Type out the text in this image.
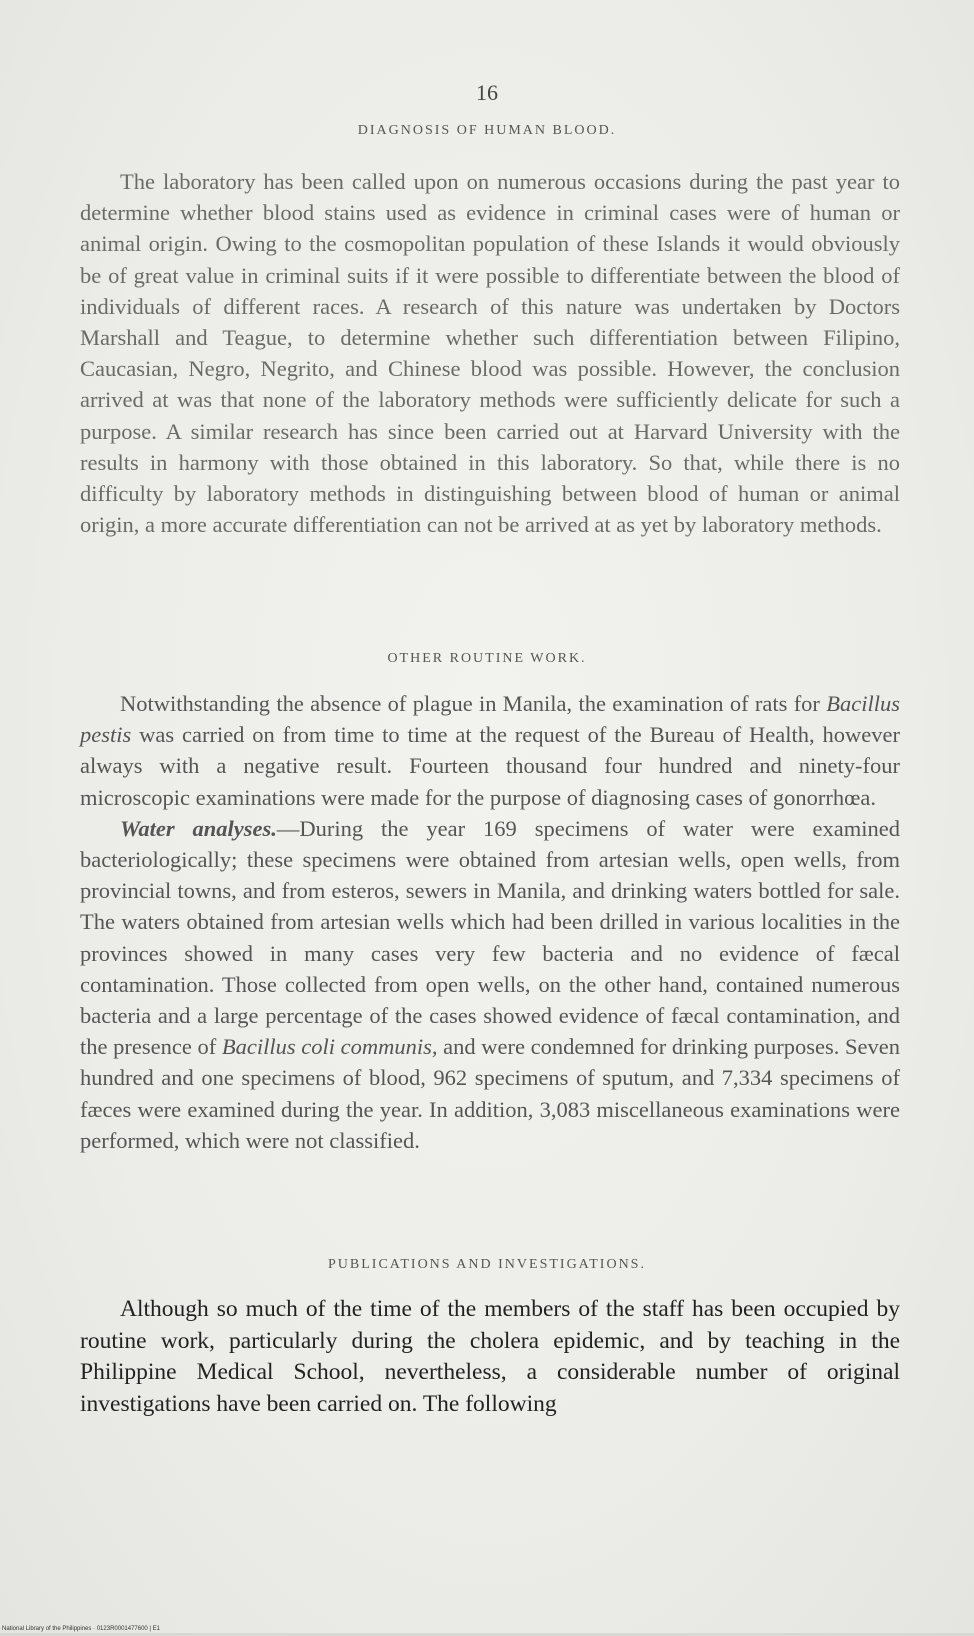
16
DIAGNOSIS OF HUMAN BLOOD.

The laboratory has been called upon on numerous occasions during the past year to determine whether blood stains used as evidence in criminal cases were of human or animal origin. Owing to the cosmopolitan population of these Islands it would obviously be of great value in criminal suits if it were possible to differentiate between the blood of individuals of different races. A research of this nature was undertaken by Doctors Marshall and Teague, to determine whether such differentiation between Filipino, Caucasian, Negro, Negrito, and Chinese blood was possible. However, the conclusion arrived at was that none of the laboratory methods were sufficiently delicate for such a purpose. A similar research has since been carried out at Harvard University with the results in harmony with those obtained in this laboratory. So that, while there is no difficulty by laboratory methods in distinguishing between blood of human or animal origin, a more accurate differentiation can not be arrived at as yet by laboratory methods.

OTHER ROUTINE WORK.

Notwithstanding the absence of plague in Manila, the examination of rats for Bacillus pestis was carried on from time to time at the request of the Bureau of Health, however always with a negative result. Fourteen thousand four hundred and ninety-four microscopic examinations were made for the purpose of diagnosing cases of gonorrhœa.

Water analyses.—During the year 169 specimens of water were examined bacteriologically; these specimens were obtained from artesian wells, open wells, from provincial towns, and from esteros, sewers in Manila, and drinking waters bottled for sale. The waters obtained from artesian wells which had been drilled in various localities in the provinces showed in many cases very few bacteria and no evidence of fæcal contamination. Those collected from open wells, on the other hand, contained numerous bacteria and a large percentage of the cases showed evidence of fæcal contamination, and the presence of Bacillus coli communis, and were condemned for drinking purposes. Seven hundred and one specimens of blood, 962 specimens of sputum, and 7,334 specimens of fæces were examined during the year. In addition, 3,083 miscellaneous examinations were performed, which were not classified.

PUBLICATIONS AND INVESTIGATIONS.

Although so much of the time of the members of the staff has been occupied by routine work, particularly during the cholera epidemic, and by teaching in the Philippine Medical School, nevertheless, a considerable number of original investigations have been carried on. The following

National Library of the Philippines · 0123R0001477600 | E1
